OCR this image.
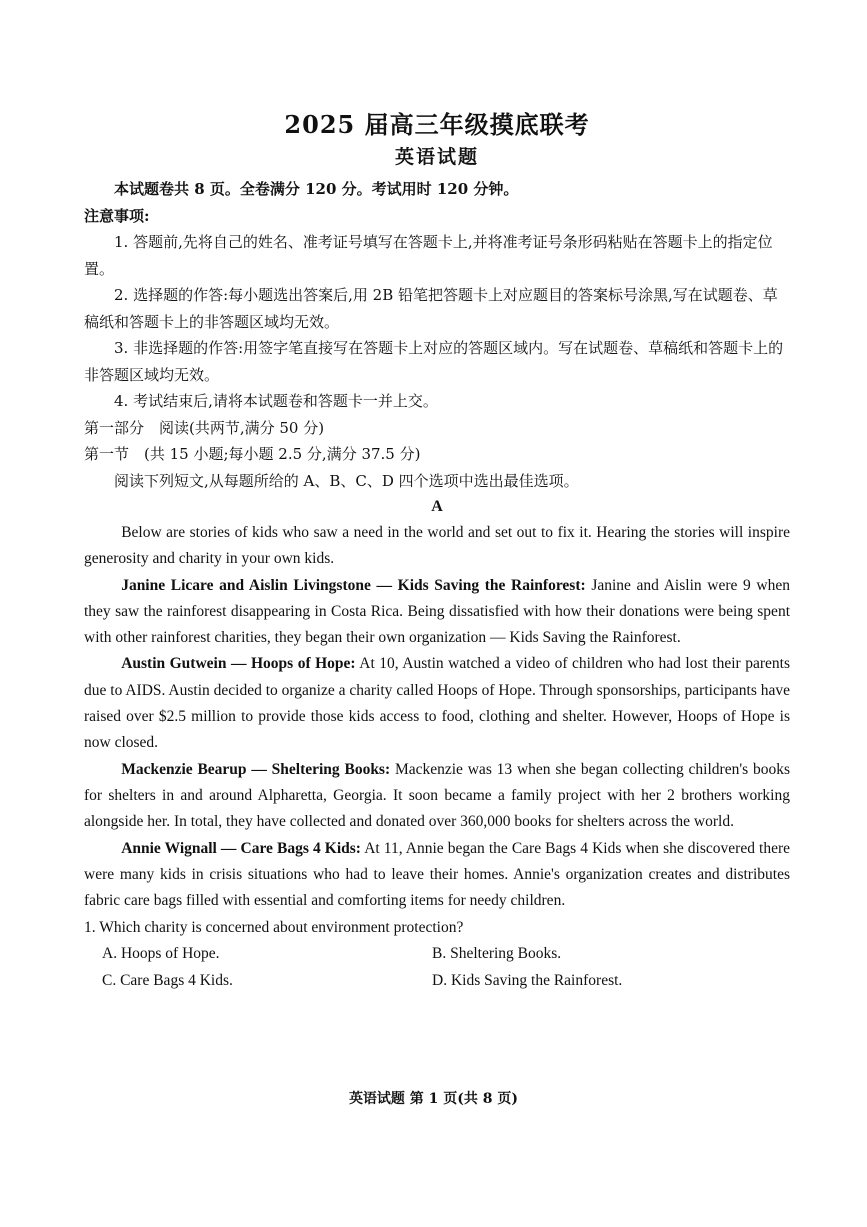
2025 届高三年级摸底联考
英语试题

本试题卷共 8 页。全卷满分 120 分。考试用时 120 分钟。

注意事项:

1. 答题前,先将自己的姓名、准考证号填写在答题卡上,并将准考证号条形码粘贴在答题卡上的指定位置。

2. 选择题的作答:每小题选出答案后,用 2B 铅笔把答题卡上对应题目的答案标号涂黑,写在试题卷、草稿纸和答题卡上的非答题区域均无效。

3. 非选择题的作答:用签字笔直接写在答题卡上对应的答题区域内。写在试题卷、草稿纸和答题卡上的非答题区域均无效。

4. 考试结束后,请将本试题卷和答题卡一并上交。

第一部分　阅读(共两节,满分 50 分)

第一节　(共 15 小题;每小题 2.5 分,满分 37.5 分)

阅读下列短文,从每题所给的 A、B、C、D 四个选项中选出最佳选项。

A

Below are stories of kids who saw a need in the world and set out to fix it. Hearing the stories will inspire generosity and charity in your own kids.

Janine Licare and Aislin Livingstone — Kids Saving the Rainforest: Janine and Aislin were 9 when they saw the rainforest disappearing in Costa Rica. Being dissatisfied with how their donations were being spent with other rainforest charities, they began their own organization — Kids Saving the Rainforest.

Austin Gutwein — Hoops of Hope: At 10, Austin watched a video of children who had lost their parents due to AIDS. Austin decided to organize a charity called Hoops of Hope. Through sponsorships, participants have raised over $2.5 million to provide those kids access to food, clothing and shelter. However, Hoops of Hope is now closed.

Mackenzie Bearup — Sheltering Books: Mackenzie was 13 when she began collecting children's books for shelters in and around Alpharetta, Georgia. It soon became a family project with her 2 brothers working alongside her. In total, they have collected and donated over 360,000 books for shelters across the world.

Annie Wignall — Care Bags 4 Kids: At 11, Annie began the Care Bags 4 Kids when she discovered there were many kids in crisis situations who had to leave their homes. Annie's organization creates and distributes fabric care bags filled with essential and comforting items for needy children.

1. Which charity is concerned about environment protection?

A. Hoops of Hope.	B. Sheltering Books.
C. Care Bags 4 Kids.	D. Kids Saving the Rainforest.
英语试题 第 1 页(共 8 页)
